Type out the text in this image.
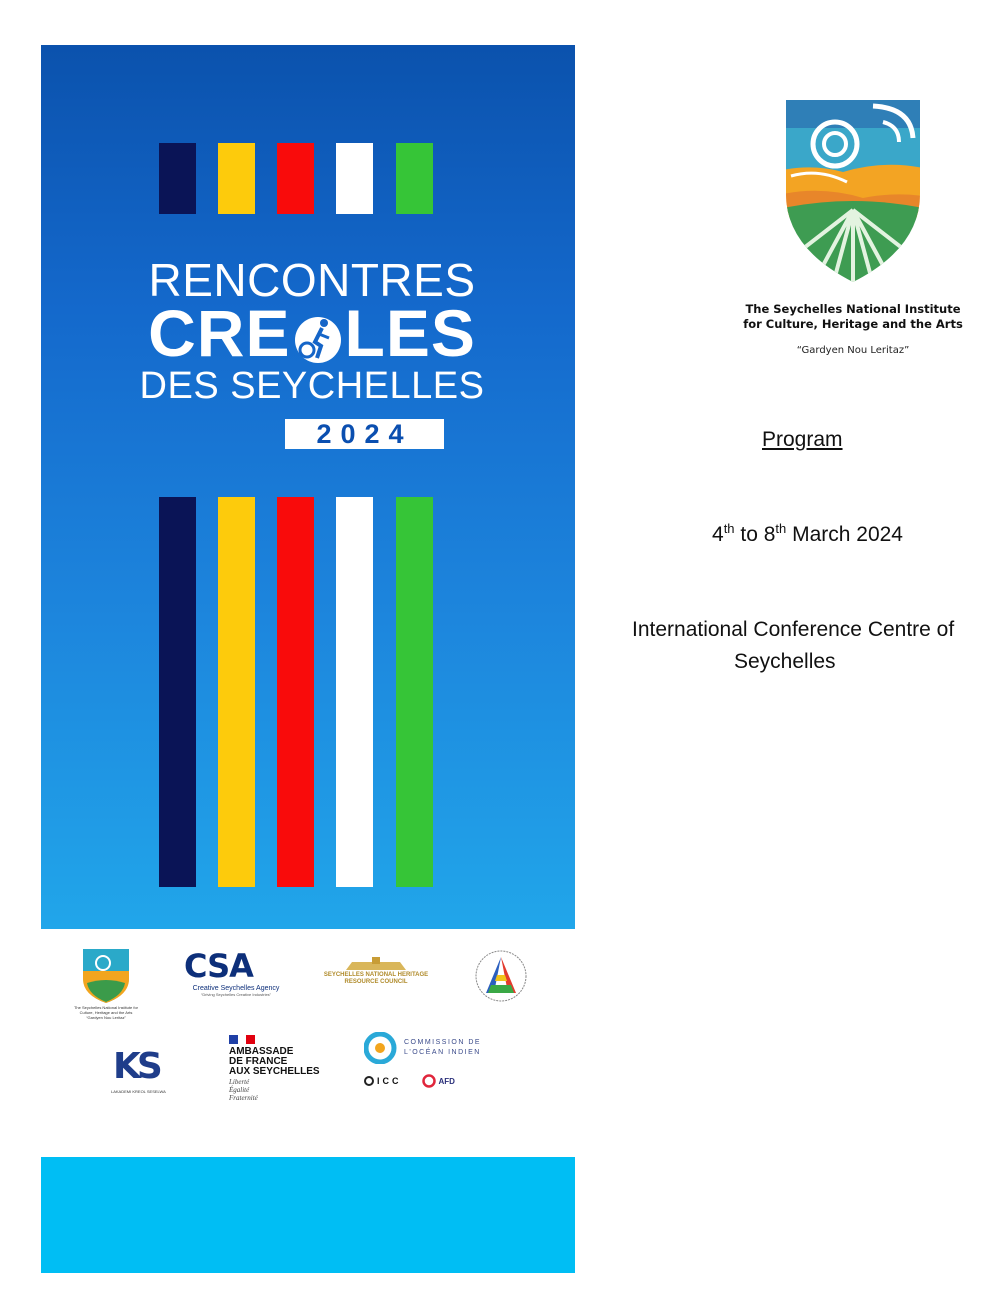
RENCONTRES
CRE LES
DES SEYCHELLES
2024
The Seychelles National Institute for Culture, Heritage and the Arts
“Gardyen Nou Leritaz”
CSA
Creative Seychelles Agency
“Driving Seychelles Creative Industries”
SEYCHELLES NATIONAL HERITAGE
RESOURCE COUNCIL
KS
LAKADEMI KREOL SESELWA
AMBASSADE
DE FRANCE
AUX SEYCHELLES
Liberté
Égalité
Fraternité
COMMISSION DE
L'OCÉAN INDIEN
ICC	AFD
The Seychelles National Institute
for Culture, Heritage and the Arts
“Gardyen Nou Leritaz”
Program
4th to 8th March 2024
International Conference Centre of
Seychelles
